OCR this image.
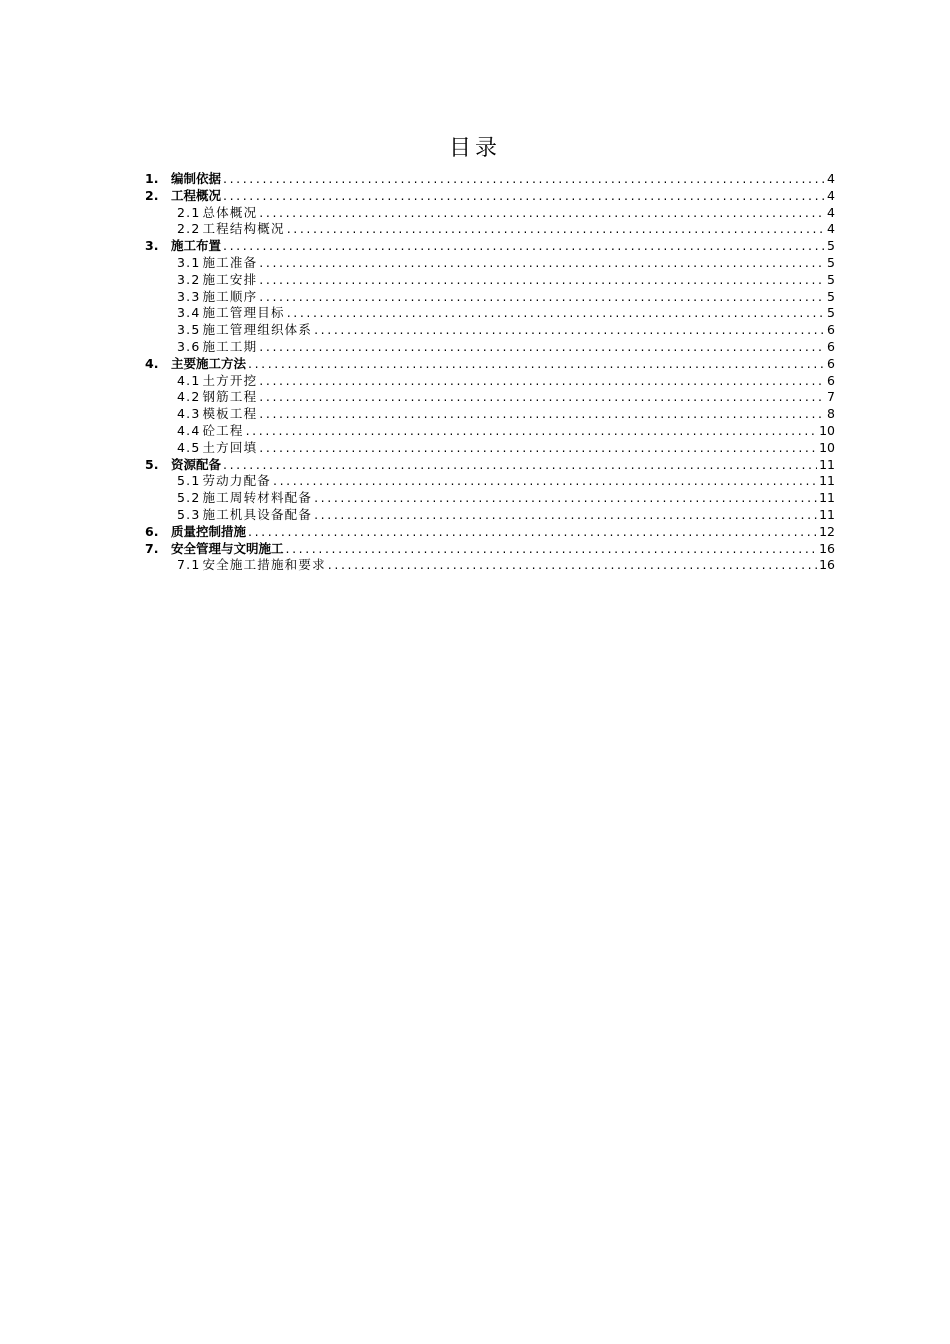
目录
1.	编制依据 .....	4
2.	工程概况 .....	4
2.1 总体概况 .....	4
2.2 工程结构概况 .....	4
3.	施工布置 .....	5
3.1 施工准备 .....	5
3.2 施工安排 .....	5
3.3 施工顺序 .....	5
3.4 施工管理目标 .....	5
3.5 施工管理组织体系 .....	6
3.6 施工工期 .....	6
4.	主要施工方法 .....	6
4.1 土方开挖 .....	6
4.2 钢筋工程 .....	7
4.3 模板工程 .....	8
4.4 砼工程 .....	10
4.5 土方回填 .....	10
5.	资源配备 .....	11
5.1 劳动力配备 .....	11
5.2 施工周转材料配备 .....	11
5.3 施工机具设备配备 .....	11
6.	质量控制措施 .....	12
7.	安全管理与文明施工 .....	16
7.1 安全施工措施和要求 .....	16
